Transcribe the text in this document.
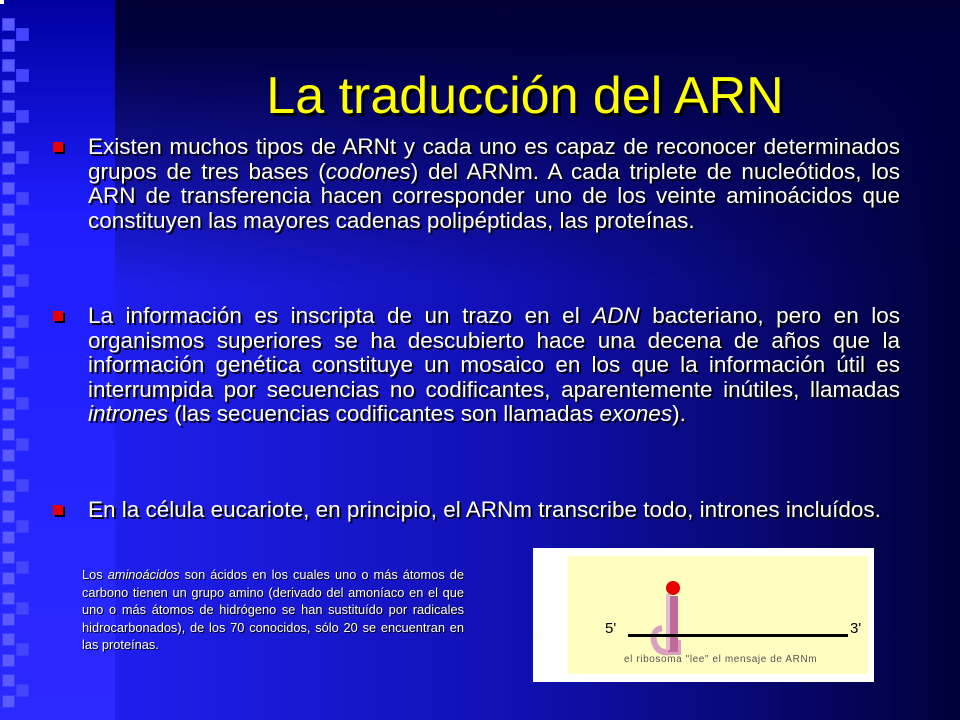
La traducción del ARN
Existen muchos tipos de ARNt y cada uno es capaz de reconocer determinados grupos de tres bases (codones) del ARNm. A cada triplete de nucleótidos, los ARN de transferencia hacen corresponder uno de los veinte aminoácidos que constituyen las mayores cadenas polipéptidas, las proteínas.
La información es inscripta de un trazo en el ADN bacteriano, pero en los organismos superiores se ha descubierto hace una decena de años que la información genética constituye un mosaico en los que la información útil es interrumpida por secuencias no codificantes, aparentemente inútiles, llamadas intrones (las secuencias codificantes son llamadas exones).
En la célula eucariote, en principio, el ARNm transcribe todo, intrones incluídos.
Los aminoácidos son ácidos en los cuales uno o más átomos de carbono tienen un grupo amino (derivado del amoníaco en el que uno o más átomos de hidrógeno se han sustituído por radicales hidrocarbonados), de los 70 conocidos, sólo 20 se encuentran en las proteínas.
5'	3'
el ribosoma "lee" el mensaje de ARNm
